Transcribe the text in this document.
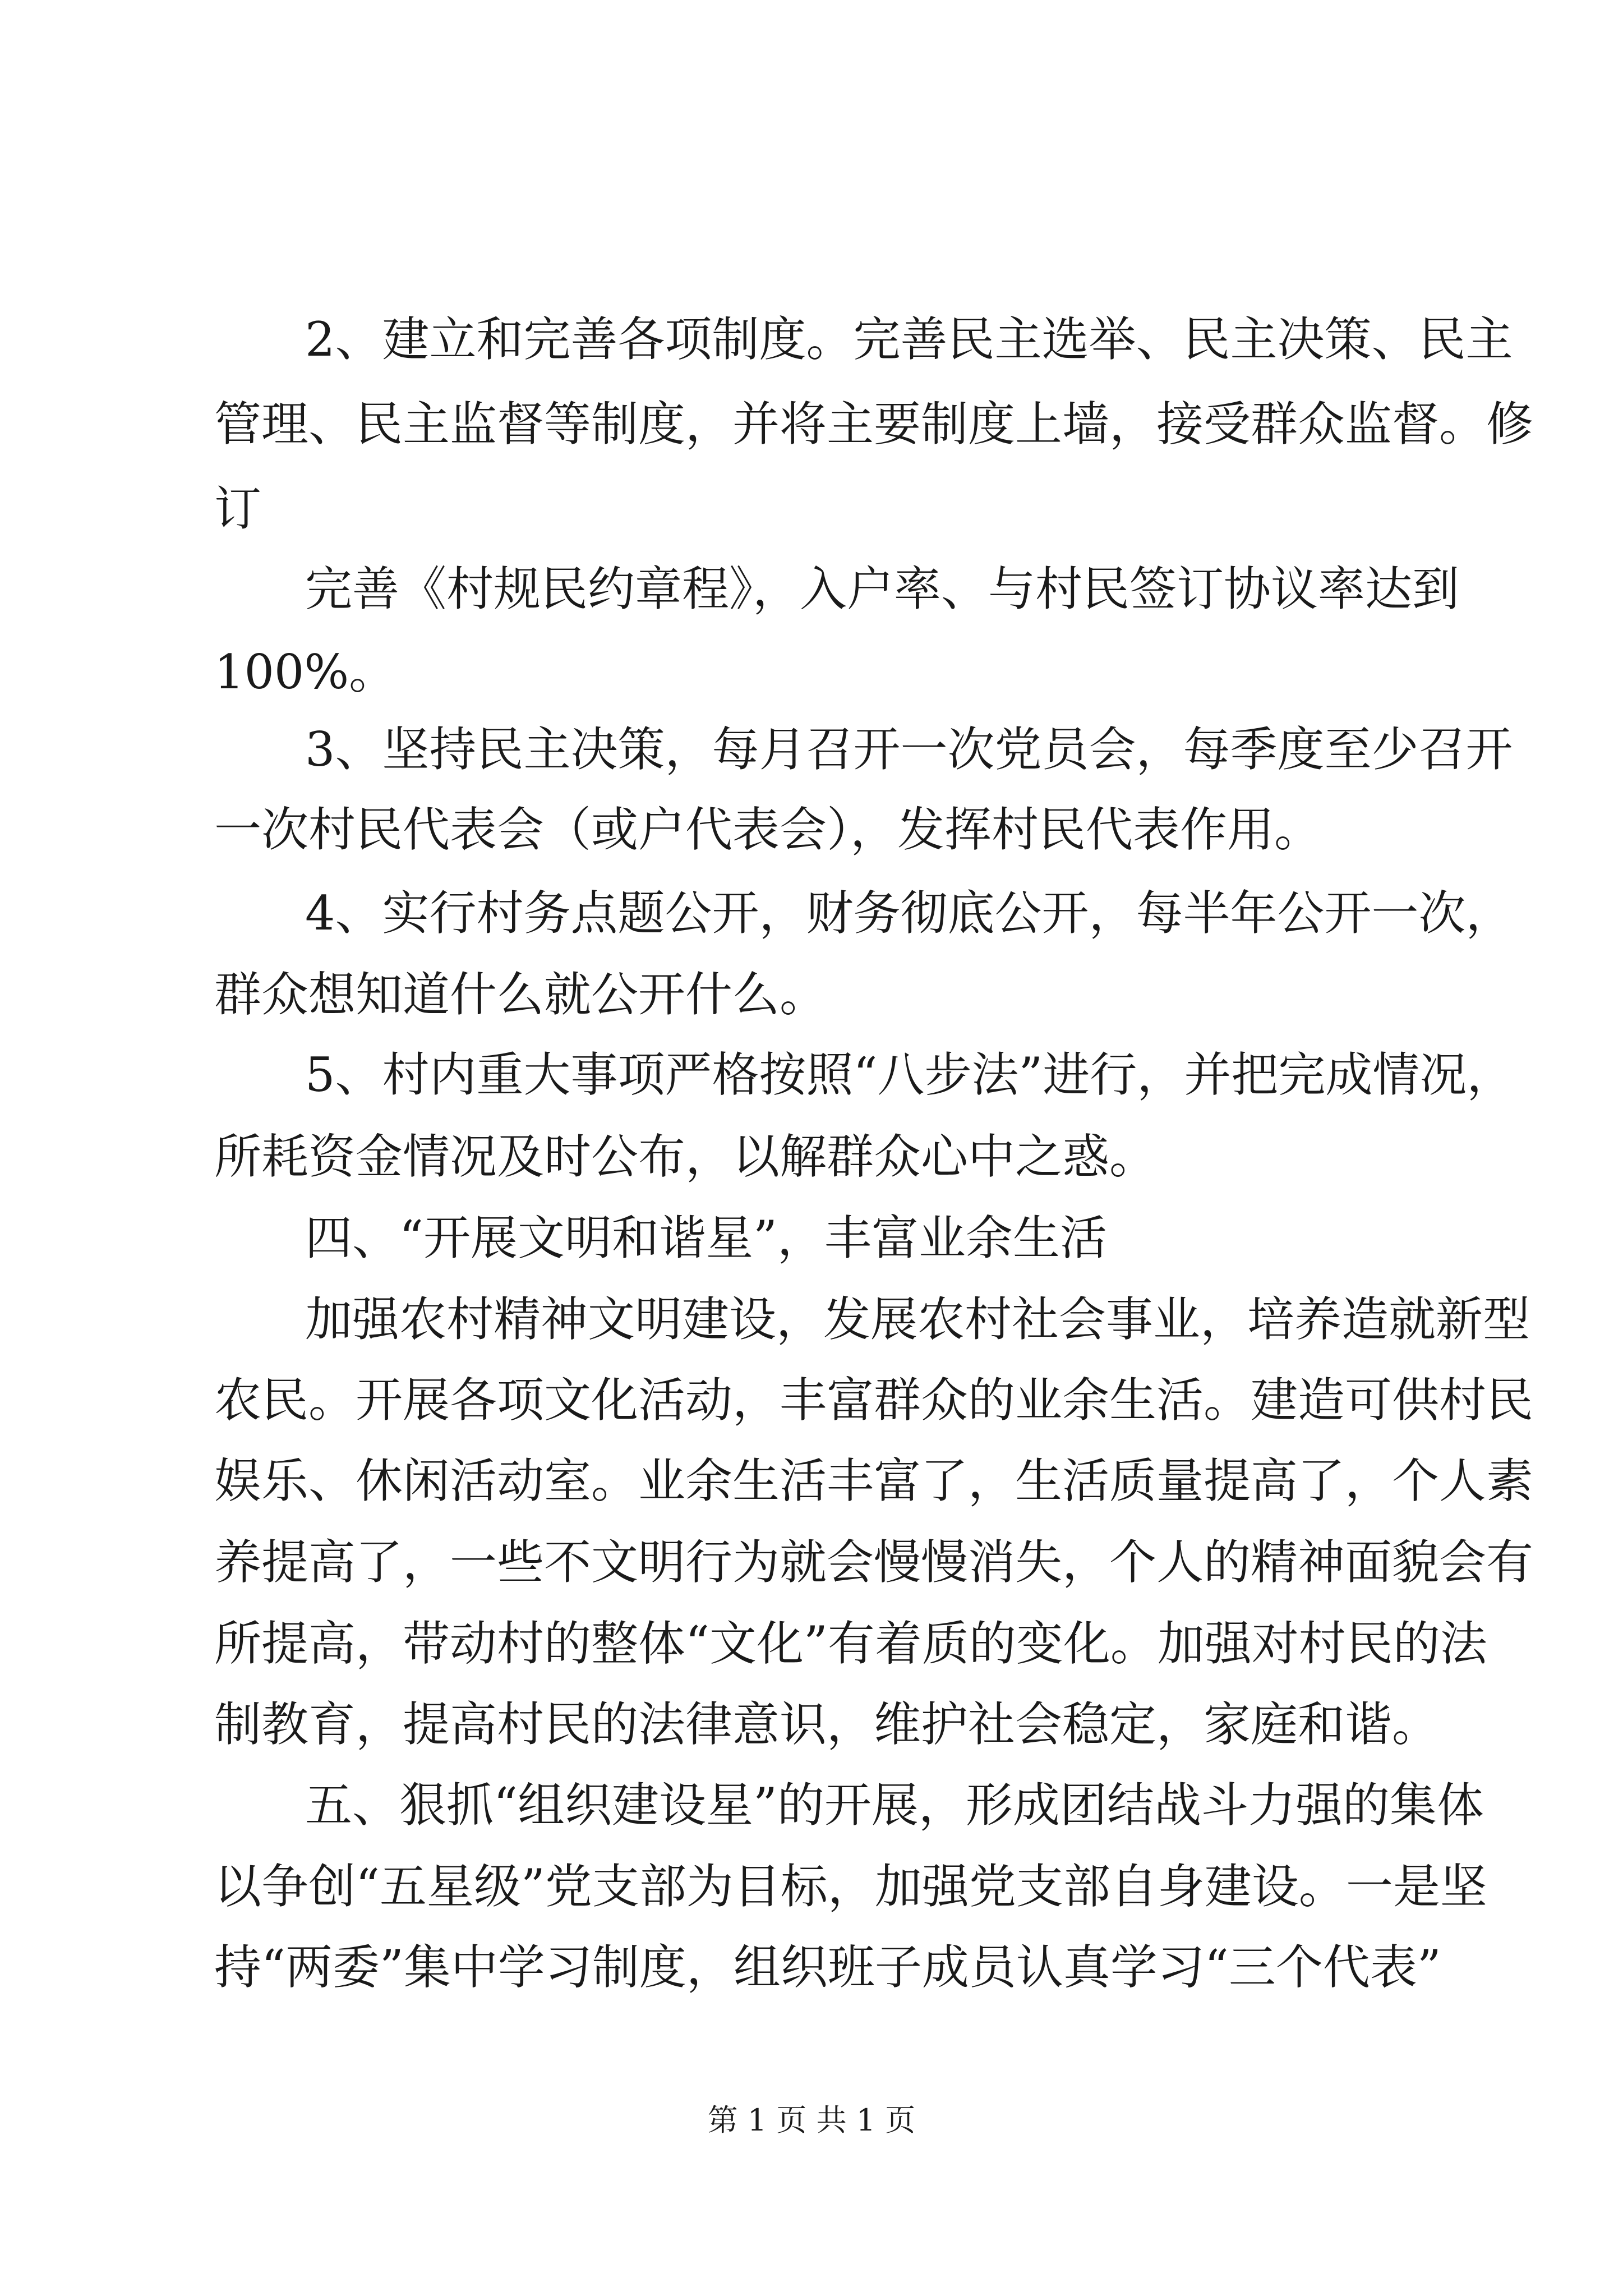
2、建立和完善各项制度。完善民主选举、民主决策、民主
管理、民主监督等制度，并将主要制度上墙，接受群众监督。修
订
完善《村规民约章程》，入户率、与村民签订协议率达到
100%。
3、坚持民主决策，每月召开一次党员会，每季度至少召开
一次村民代表会（或户代表会），发挥村民代表作用。
4、实行村务点题公开，财务彻底公开，每半年公开一次，
群众想知道什么就公开什么。
5、村内重大事项严格按照“八步法”进行，并把完成情况，
所耗资金情况及时公布，以解群众心中之惑。
四、“开展文明和谐星”，丰富业余生活
加强农村精神文明建设，发展农村社会事业，培养造就新型
农民。开展各项文化活动，丰富群众的业余生活。建造可供村民
娱乐、休闲活动室。业余生活丰富了，生活质量提高了，个人素
养提高了，一些不文明行为就会慢慢消失，个人的精神面貌会有
所提高，带动村的整体“文化”有着质的变化。加强对村民的法
制教育，提高村民的法律意识，维护社会稳定，家庭和谐。
五、狠抓“组织建设星”的开展，形成团结战斗力强的集体
以争创“五星级”党支部为目标，加强党支部自身建设。一是坚
持“两委”集中学习制度，组织班子成员认真学习“三个代表”
第 1 页 共 1 页
